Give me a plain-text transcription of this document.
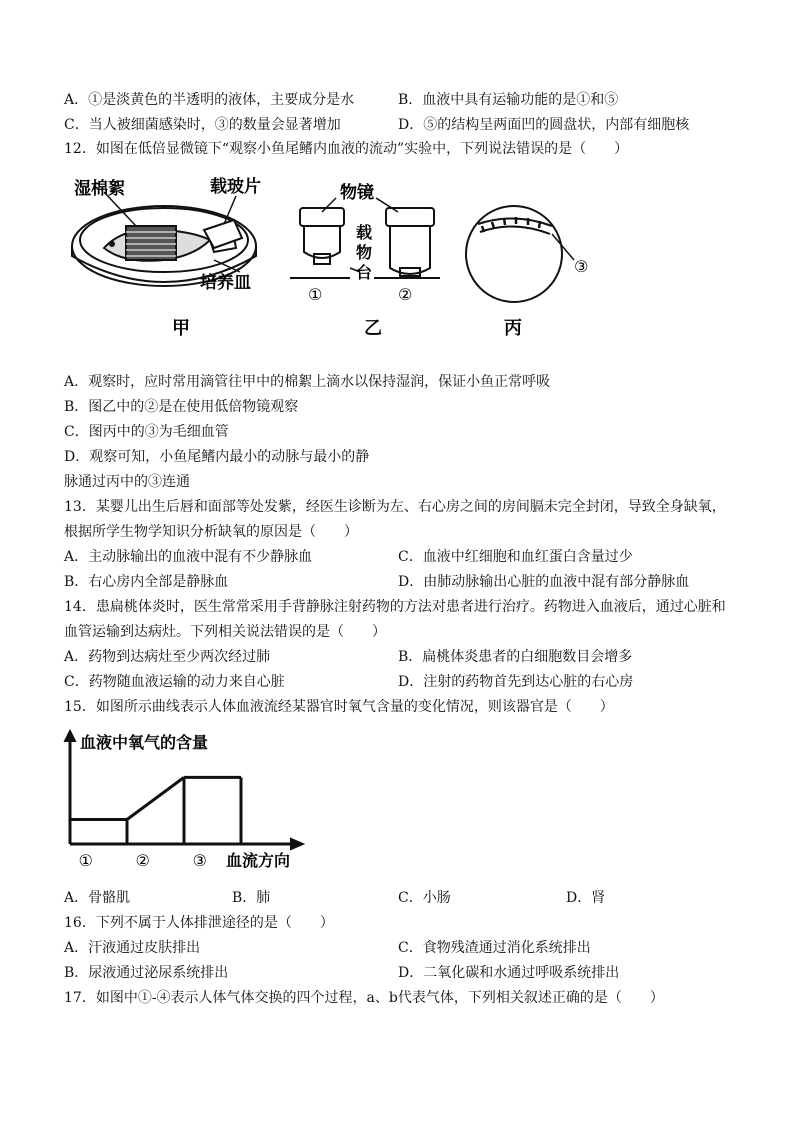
A．①是淡黄色的半透明的液体，主要成分是水	B．血液中具有运输功能的是①和⑤
C．当人被细菌感染时，③的数量会显著增加	D．⑤的结构呈两面凹的圆盘状，内部有细胞核
12．如图在低倍显微镜下“观察小鱼尾鳍内血液的流动”实验中，下列说法错误的是（　　）
湿棉絮	载玻片
培养皿
甲
物镜
载
物
台
①	②
乙
③
丙
A．观察时，应时常用滴管往甲中的棉絮上滴水以保持湿润，保证小鱼正常呼吸
B．图乙中的②是在使用低倍物镜观察
C．图丙中的③为毛细血管
D．观察可知，小鱼尾鳍内最小的动脉与最小的静
脉通过丙中的③连通
13．某婴儿出生后唇和面部等处发紫，经医生诊断为左、右心房之间的房间膈未完全封闭，导致全身缺氧，
根据所学生物学知识分析缺氧的原因是（　　）
A．主动脉输出的血液中混有不少静脉血	C．血液中红细胞和血红蛋白含量过少
B．右心房内全部是静脉血	D．由肺动脉输出心脏的血液中混有部分静脉血
14．患扁桃体炎时，医生常常采用手背静脉注射药物的方法对患者进行治疗。药物进入血液后，通过心脏和
血管运输到达病灶。下列相关说法错误的是（　　）
A．药物到达病灶至少两次经过肺	B．扁桃体炎患者的白细胞数目会增多
C．药物随血液运输的动力来自心脏	D．注射的药物首先到达心脏的右心房
15．如图所示曲线表示人体血液流经某器官时氧气含量的变化情况，则该器官是（　　）
血液中氧气的含量
血流方向
①	②	③
A．骨骼肌	B．肺	C．小肠	D．肾
16．下列不属于人体排泄途径的是（　　）
A．汗液通过皮肤排出	C．食物残渣通过消化系统排出
B．尿液通过泌尿系统排出	D．二氧化碳和水通过呼吸系统排出
17．如图中①-④表示人体气体交换的四个过程，a、b代表气体，下列相关叙述正确的是（　　）
